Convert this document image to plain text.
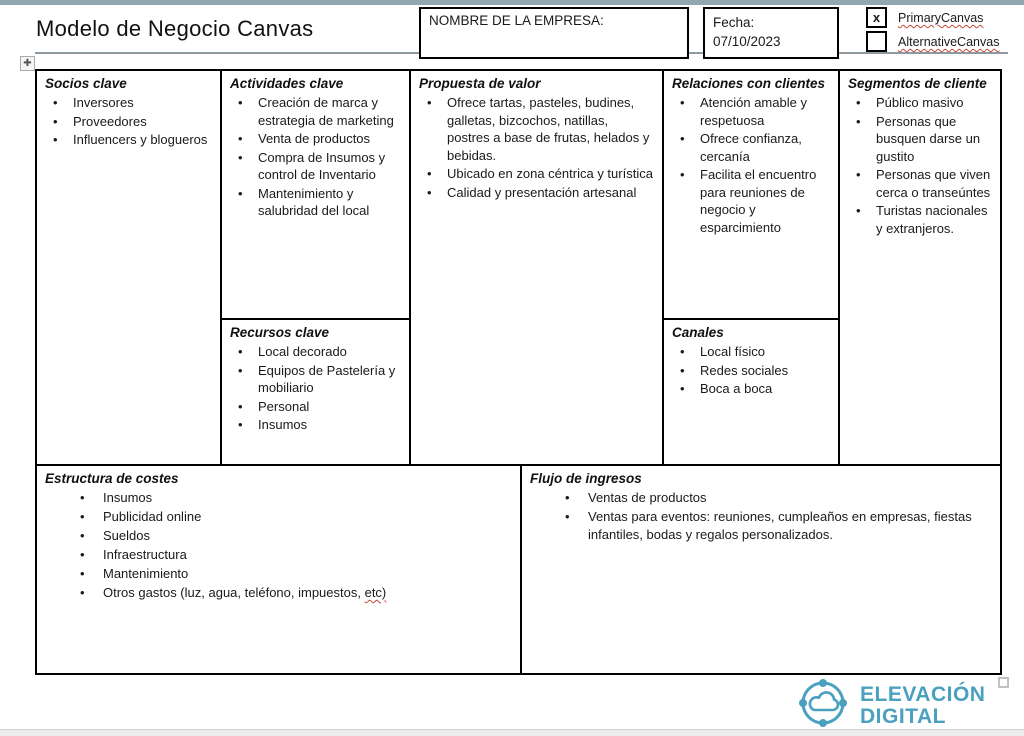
Modelo de Negocio Canvas	NOMBRE DE LA EMPRESA:	Fecha:
07/10/2023
x PrimaryCanvas
AlternativeCanvas
✚
Socios clave
• Inversores
• Proveedores
• Influencers y blogueros
Actividades clave
• Creación de marca y estrategia de marketing
• Venta de productos
• Compra de Insumos y control de Inventario
• Mantenimiento y salubridad del local
Recursos clave
• Local decorado
• Equipos de Pastelería y mobiliario
• Personal
• Insumos
Propuesta de valor
• Ofrece tartas, pasteles, budines, galletas, bizcochos, natillas, postres a base de frutas, helados y bebidas.
• Ubicado en zona céntrica y turística
• Calidad y presentación artesanal
Relaciones con clientes
• Atención amable y respetuosa
• Ofrece confianza, cercanía
• Facilita el encuentro para reuniones de negocio y esparcimiento
Canales
• Local físico
• Redes sociales
• Boca a boca
Segmentos de cliente
• Público masivo
• Personas que busquen darse un gustito
• Personas que viven cerca o transeúntes
• Turistas nacionales y extranjeros.
Estructura de costes
• Insumos
• Publicidad online
• Sueldos
• Infraestructura
• Mantenimiento
• Otros gastos (luz, agua, teléfono, impuestos, etc)
Flujo de ingresos
• Ventas de productos
• Ventas para eventos: reuniones, cumpleaños en empresas, fiestas infantiles, bodas y regalos personalizados.
ELEVACIÓN
DIGITAL
